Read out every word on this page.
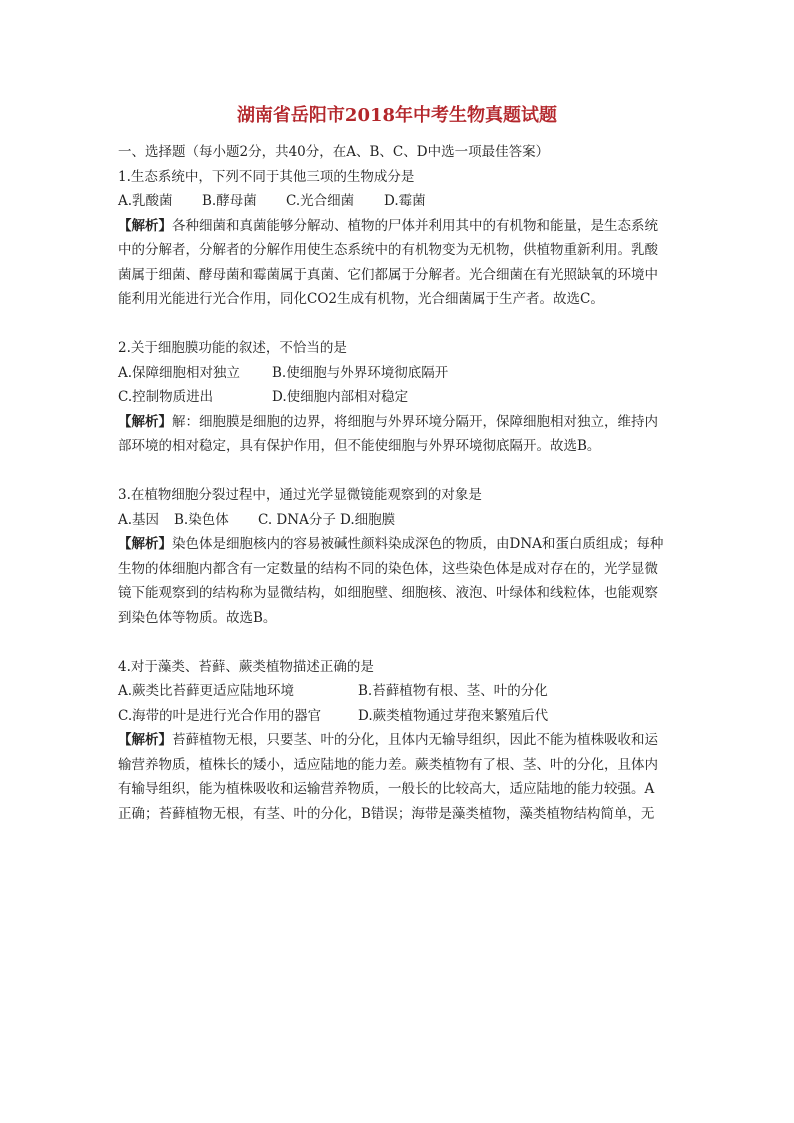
湖南省岳阳市2018年中考生物真题试题
一、选择题（每小题2分，共40分，在A、B、C、D中选一项最佳答案）
1.生态系统中，下列不同于其他三项的生物成分是
A.乳酸菌 B.酵母菌 C.光合细菌 D.霉菌
【解析】各种细菌和真菌能够分解动、植物的尸体并利用其中的有机物和能量，是生态系统
中的分解者，分解者的分解作用使生态系统中的有机物变为无机物，供植物重新利用。乳酸
菌属于细菌、酵母菌和霉菌属于真菌、它们都属于分解者。光合细菌在有光照缺氧的环境中
能利用光能进行光合作用，同化CO2生成有机物，光合细菌属于生产者。故选C。
2.关于细胞膜功能的叙述，不恰当的是
A.保障细胞相对独立 B.使细胞与外界环境彻底隔开
C.控制物质进出	D.使细胞内部相对稳定
【解析】解：细胞膜是细胞的边界，将细胞与外界环境分隔开，保障细胞相对独立，维持内
部环境的相对稳定，具有保护作用，但不能使细胞与外界环境彻底隔开。故选B。
3.在植物细胞分裂过程中，通过光学显微镜能观察到的对象是
A.基因 B.染色体 C. DNA分子 D.细胞膜
【解析】染色体是细胞核内的容易被碱性颜料染成深色的物质，由DNA和蛋白质组成；每种
生物的体细胞内都含有一定数量的结构不同的染色体，这些染色体是成对存在的，光学显微
镜下能观察到的结构称为显微结构，如细胞壁、细胞核、液泡、叶绿体和线粒体，也能观察
到染色体等物质。故选B。
4.对于藻类、苔藓、蕨类植物描述正确的是
A.蕨类比苔藓更适应陆地环境	B.苔藓植物有根、茎、叶的分化
C.海带的叶是进行光合作用的器官	D.蕨类植物通过芽孢来繁殖后代
【解析】苔藓植物无根，只要茎、叶的分化，且体内无输导组织，因此不能为植株吸收和运
输营养物质，植株长的矮小，适应陆地的能力差。蕨类植物有了根、茎、叶的分化，且体内
有输导组织，能为植株吸收和运输营养物质，一般长的比较高大，适应陆地的能力较强。A
正确；苔藓植物无根，有茎、叶的分化，B错误；海带是藻类植物，藻类植物结构简单，无
